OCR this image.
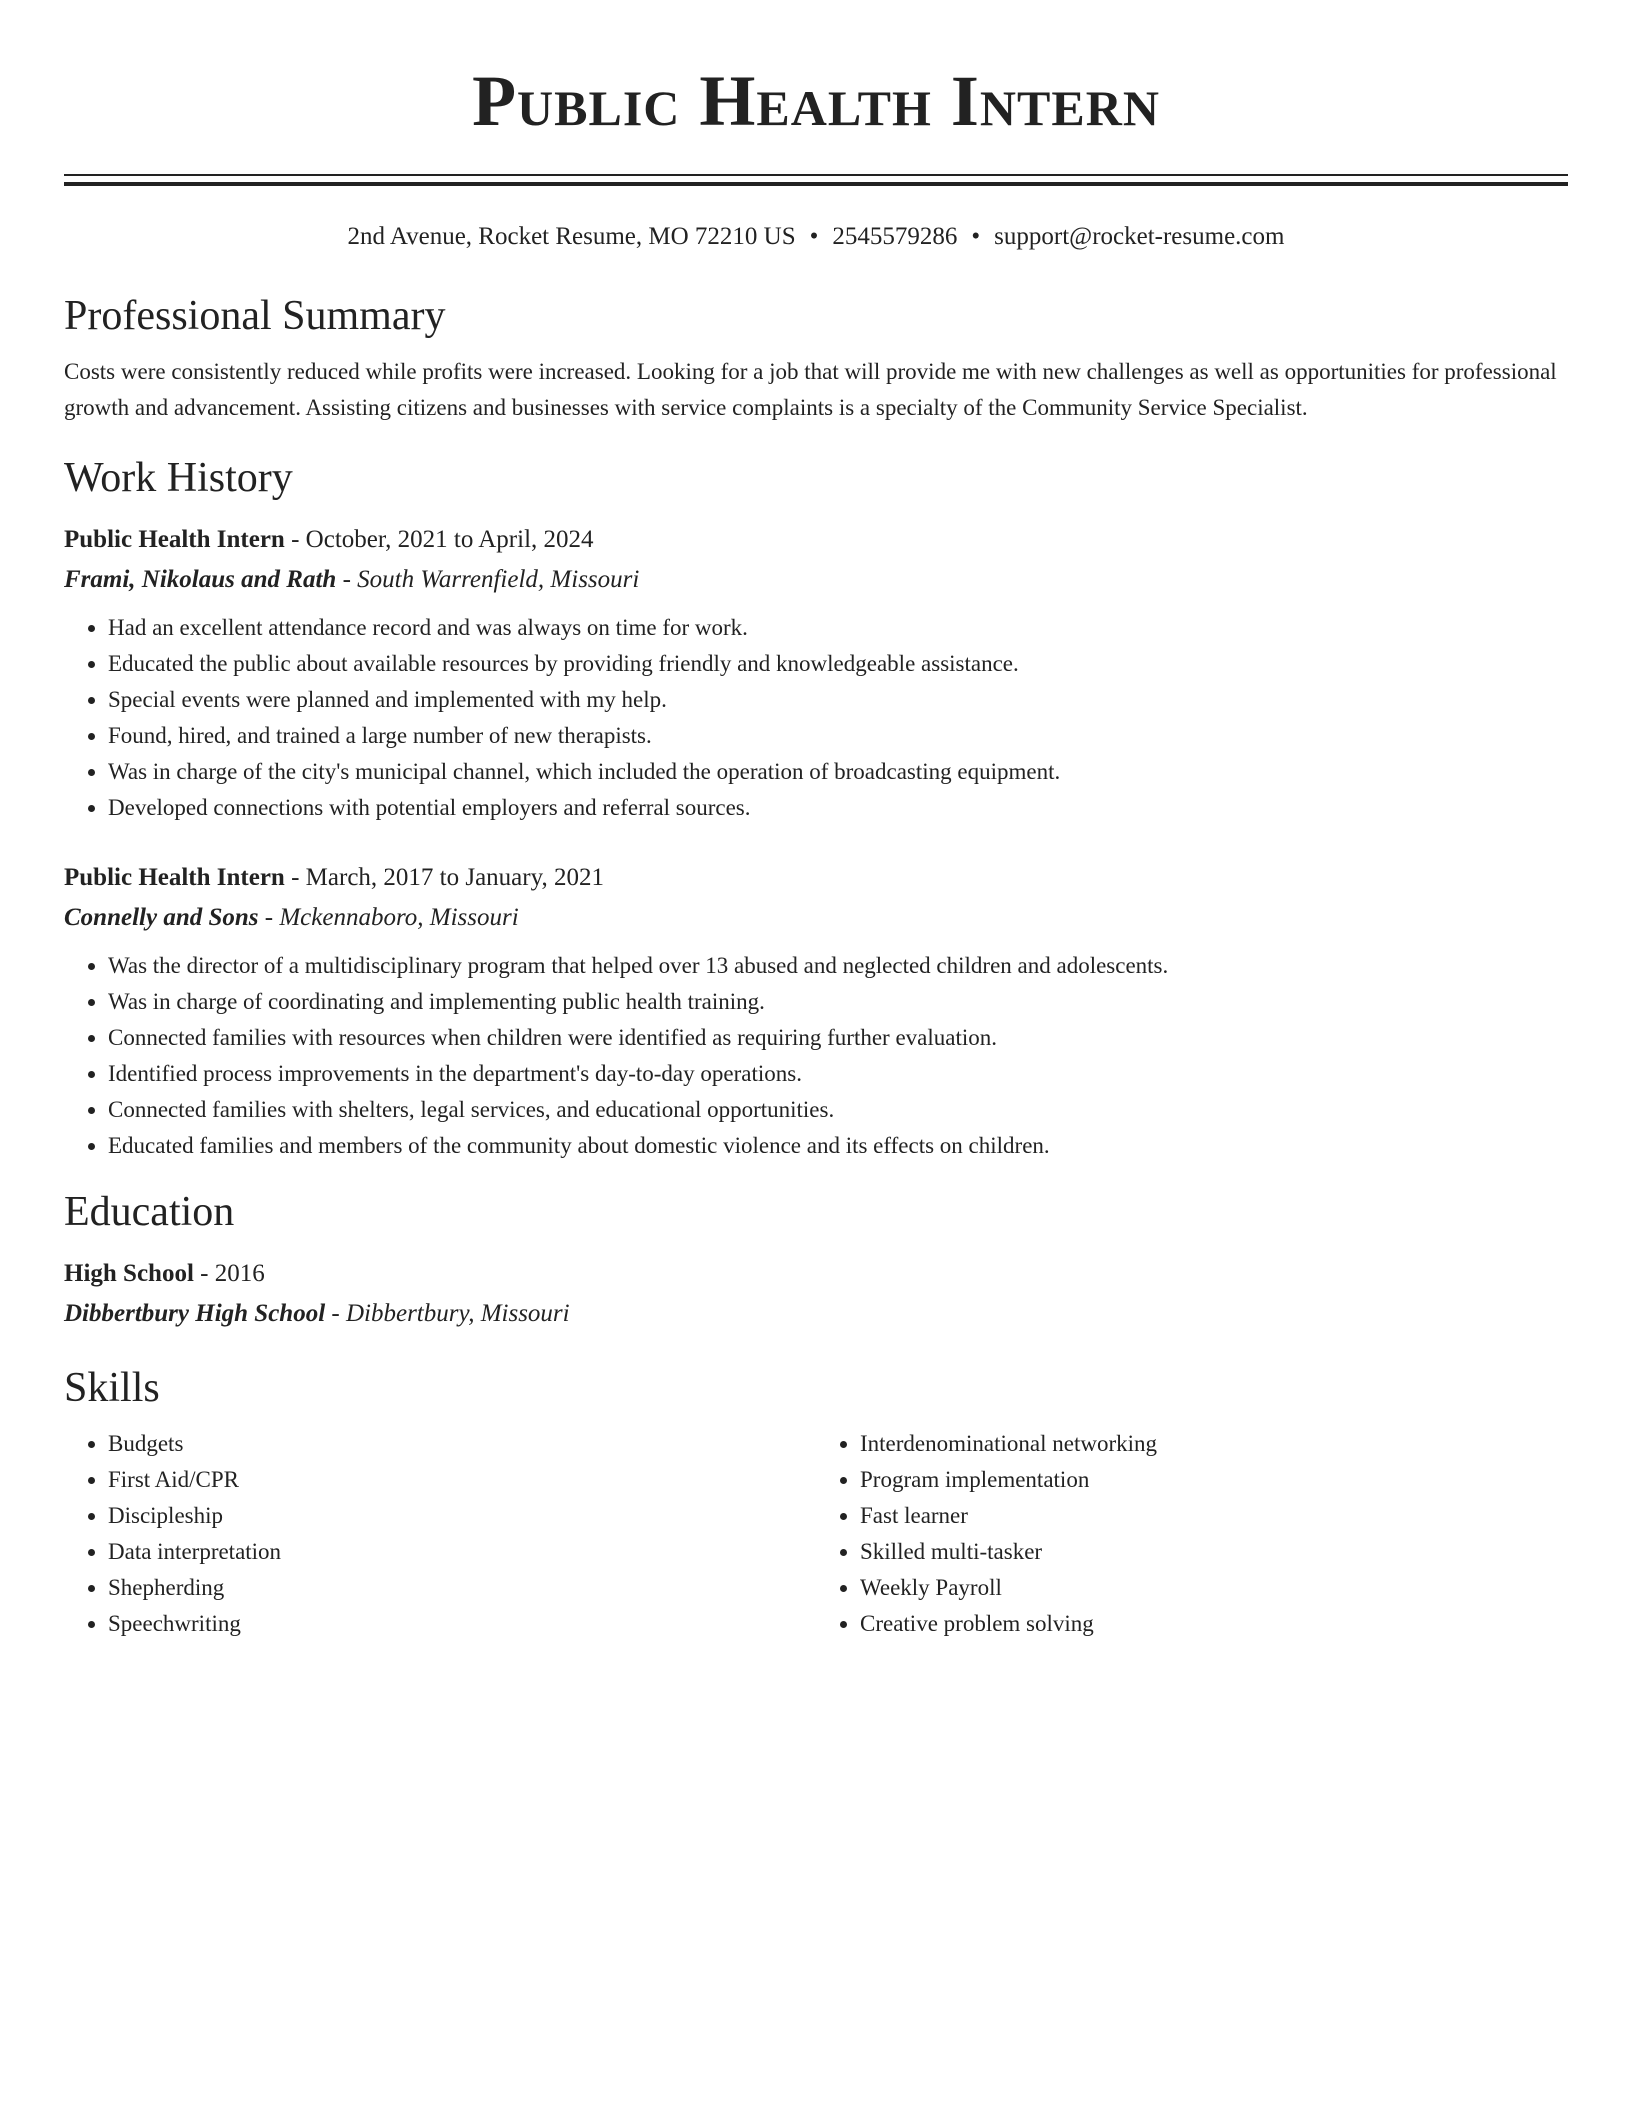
Public Health Intern
2nd Avenue, Rocket Resume, MO 72210 US • 2545579286 • support@rocket-resume.com
Professional Summary

Costs were consistently reduced while profits were increased. Looking for a job that will provide me with new challenges as well as opportunities for professional growth and advancement. Assisting citizens and businesses with service complaints is a specialty of the Community Service Specialist.

Work History
Public Health Intern - October, 2021 to April, 2024
Frami, Nikolaus and Rath - South Warrenfield, Missouri
• Had an excellent attendance record and was always on time for work.
• Educated the public about available resources by providing friendly and knowledgeable assistance.
• Special events were planned and implemented with my help.
• Found, hired, and trained a large number of new therapists.
• Was in charge of the city's municipal channel, which included the operation of broadcasting equipment.
• Developed connections with potential employers and referral sources.
Public Health Intern - March, 2017 to January, 2021
Connelly and Sons - Mckennaboro, Missouri
• Was the director of a multidisciplinary program that helped over 13 abused and neglected children and adolescents.
• Was in charge of coordinating and implementing public health training.
• Connected families with resources when children were identified as requiring further evaluation.
• Identified process improvements in the department's day-to-day operations.
• Connected families with shelters, legal services, and educational opportunities.
• Educated families and members of the community about domestic violence and its effects on children.
Education
High School - 2016
Dibbertbury High School - Dibbertbury, Missouri
Skills
• Budgets
• First Aid/CPR
• Discipleship
• Data interpretation
• Shepherding
• Speechwriting
• Interdenominational networking
• Program implementation
• Fast learner
• Skilled multi-tasker
• Weekly Payroll
• Creative problem solving
